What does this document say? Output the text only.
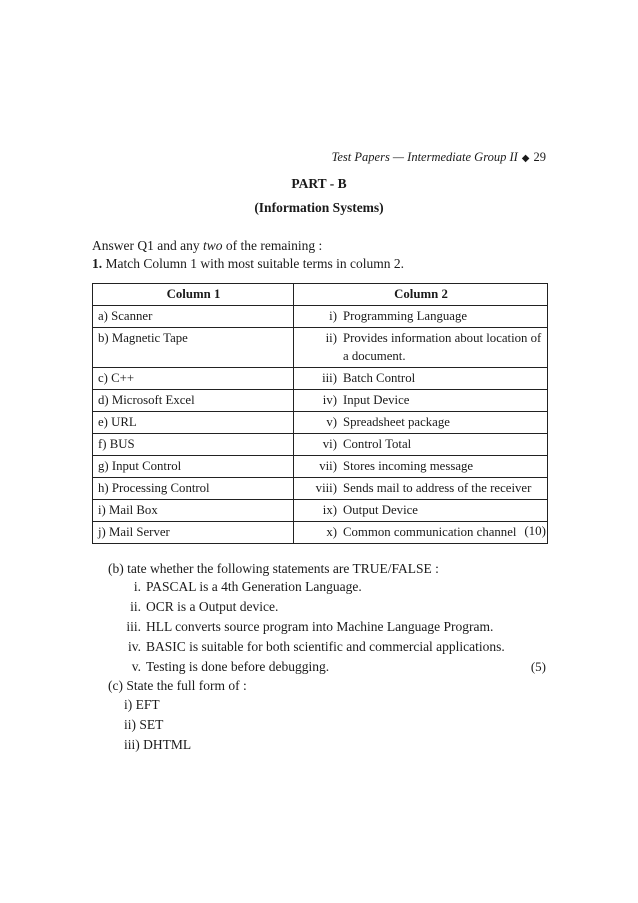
Test Papers — Intermediate Group II ◆ 29
PART - B
(Information Systems)
Answer Q1 and any two of the remaining :
1. Match Column 1 with most suitable terms in column 2.
Column 1	Column 2
a) Scanner	i) Programming Language

b) Magnetic Tape	ii) Provides information about location of a document.

c) C++	iii) Batch Control

d) Microsoft Excel	iv) Input Device

e) URL	v) Spreadsheet package

f) BUS	vi) Control Total

g) Input Control	vii) Stores incoming message

h) Processing Control	viii) Sends mail to address of the receiver

i) Mail Box	ix) Output Device

j) Mail Server	x) Common communication channel (10)
(b) tate whether the following statements are TRUE/FALSE :
i. PASCAL is a 4th Generation Language.
ii. OCR is a Output device.
iii. HLL converts source program into Machine Language Program.
iv. BASIC is suitable for both scientific and commercial applications.
v. Testing is done before debugging.	(5)
(c) State the full form of :
i) EFT
ii) SET
iii) DHTML
